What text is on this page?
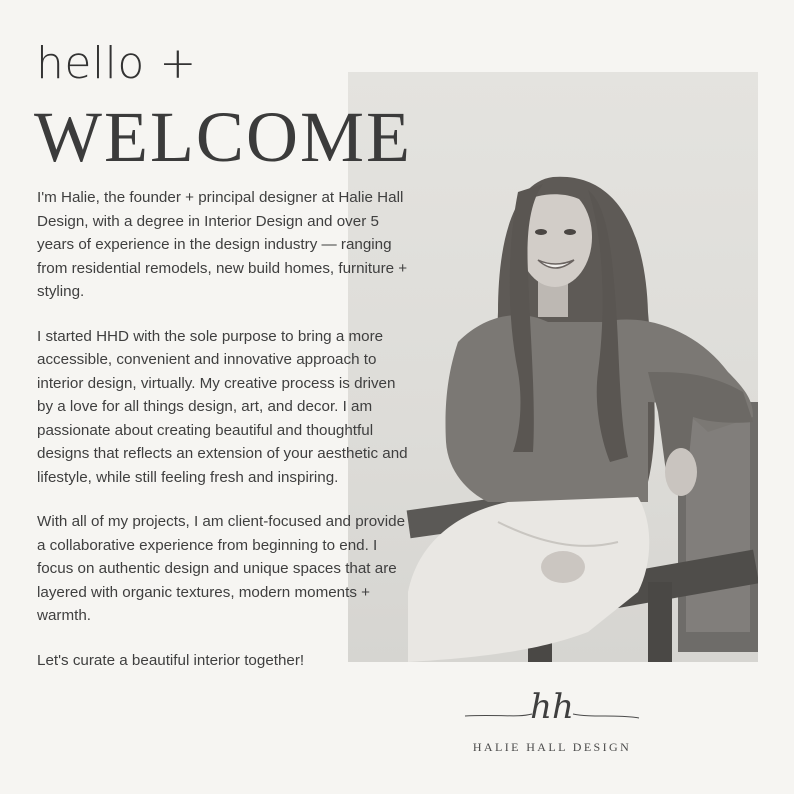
hello +
WELCOME

I'm Halie, the founder + principal designer at Halie Hall Design, with a degree in Interior Design and over 5 years of experience in the design industry — ranging from residential remodels, new build homes, furniture + styling.

I started HHD with the sole purpose to bring a more accessible, convenient and innovative approach to interior design, virtually. My creative process is driven by a love for all things design, art, and decor. I am passionate about creating beautiful and thoughtful designs that reflects an extension of your aesthetic and lifestyle, while still feeling fresh and inspiring.

With all of my projects, I am client-focused and provide a collaborative experience from beginning to end. I focus on authentic design and unique spaces that are layered with organic textures, modern moments + warmth.

Let's curate a beautiful interior together!

hh
HALIE HALL DESIGN
